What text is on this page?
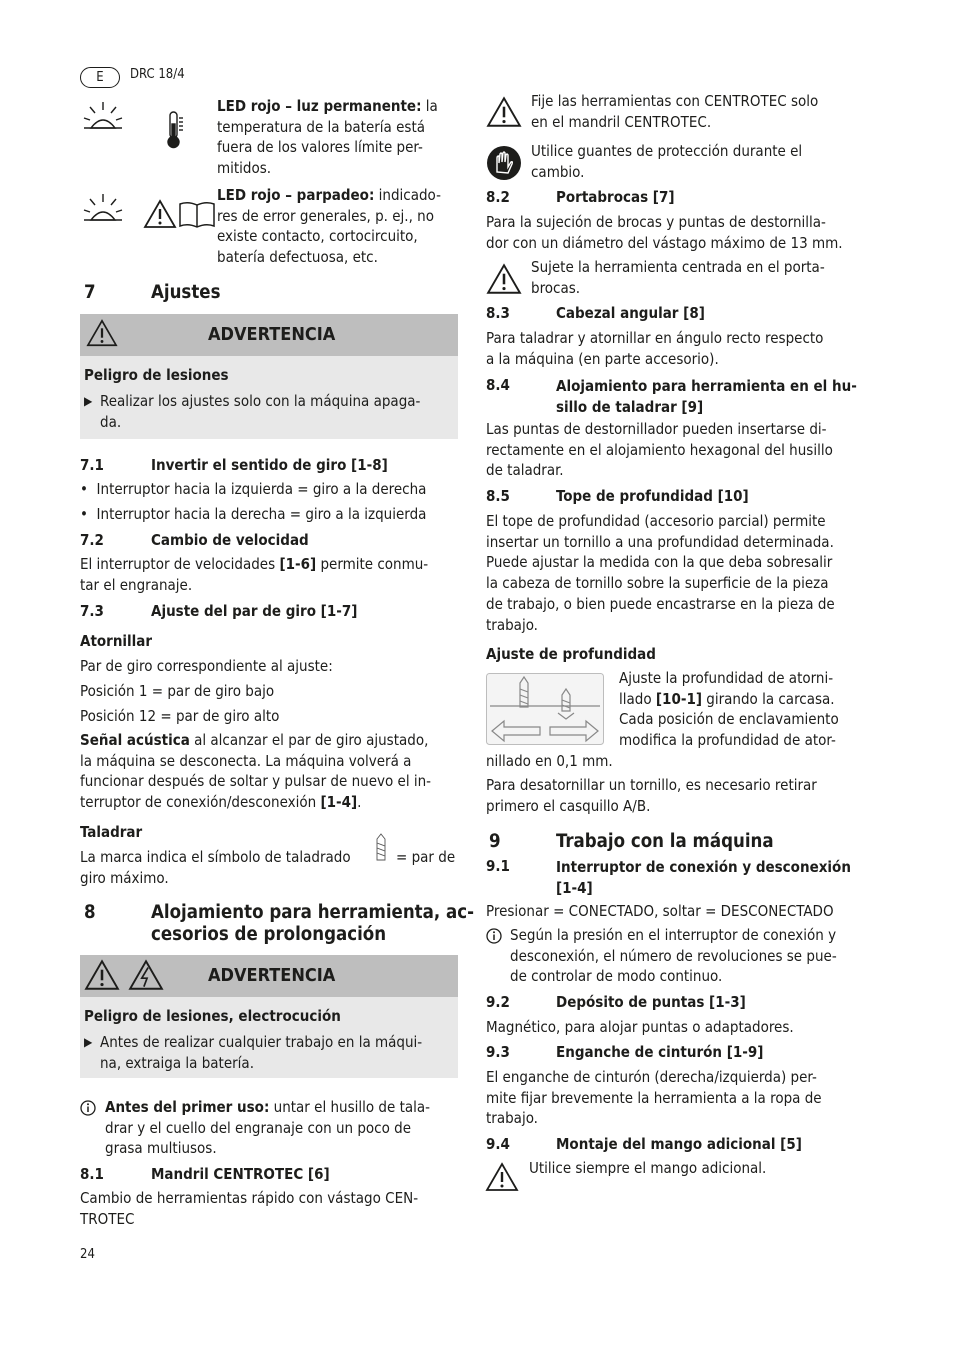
E	DRC 18/4
LED rojo – luz permanente: la
temperatura de la batería está
fuera de los valores límite per-
mitidos.
LED rojo – parpadeo: indicado-
res de error generales, p. ej., no
existe contacto, cortocircuito,
batería defectuosa, etc.
7	Ajustes
ADVERTENCIA
Peligro de lesiones
▶ Realizar los ajustes solo con la máquina apaga-
da.
7.1	Invertir el sentido de giro [1-8]
•  Interruptor hacia la izquierda = giro a la derecha
•  Interruptor hacia la derecha = giro a la izquierda
7.2	Cambio de velocidad
El interruptor de velocidades [1-6] permite conmu-
tar el engranaje.
7.3	Ajuste del par de giro [1-7]
Atornillar
Par de giro correspondiente al ajuste:
Posición 1 = par de giro bajo
Posición 12 = par de giro alto
Señal acústica al alcanzar el par de giro ajustado,
la máquina se desconecta. La máquina volverá a
funcionar después de soltar y pulsar de nuevo el in-
terruptor de conexión/desconexión [1-4].
Taladrar
La marca indica el símbolo de taladrado	= par de
giro máximo.
8	Alojamiento para herramienta, ac-
cesorios de prolongación
ADVERTENCIA
Peligro de lesiones, electrocución
▶ Antes de realizar cualquier trabajo en la máqui-
na, extraiga la batería.
Antes del primer uso: untar el husillo de tala-
drar y el cuello del engranaje con un poco de
grasa multiusos.
8.1	Mandril CENTROTEC [6]
Cambio de herramientas rápido con vástago CEN-
TROTEC
24
Fije las herramientas con CENTROTEC solo
en el mandril CENTROTEC.
Utilice guantes de protección durante el
cambio.
8.2	Portabrocas [7]
Para la sujeción de brocas y puntas de destornilla-
dor con un diámetro del vástago máximo de 13 mm.
Sujete la herramienta centrada en el porta-
brocas.
8.3	Cabezal angular [8]
Para taladrar y atornillar en ángulo recto respecto
a la máquina (en parte accesorio).
8.4	Alojamiento para herramienta en el hu-
sillo de taladrar [9]
Las puntas de destornillador pueden insertarse di-
rectamente en el alojamiento hexagonal del husillo
de taladrar.
8.5	Tope de profundidad [10]
El tope de profundidad (accesorio parcial) permite
insertar un tornillo a una profundidad determinada.
Puede ajustar la medida con la que deba sobresalir
la cabeza de tornillo sobre la superficie de la pieza
de trabajo, o bien puede encastrarse en la pieza de
trabajo.
Ajuste de profundidad
Ajuste la profundidad de atorni-
llado [10-1] girando la carcasa.
Cada posición de enclavamiento
modifica la profundidad de ator-
nillado en 0,1 mm.
Para desatornillar un tornillo, es necesario retirar
primero el casquillo A/B.
9	Trabajo con la máquina
9.1	Interruptor de conexión y desconexión
[1-4]
Presionar = CONECTADO, soltar = DESCONECTADO
Según la presión en el interruptor de conexión y
desconexión, el número de revoluciones se pue-
de controlar de modo continuo.
9.2	Depósito de puntas [1-3]
Magnético, para alojar puntas o adaptadores.
9.3	Enganche de cinturón [1-9]
El enganche de cinturón (derecha/izquierda) per-
mite fijar brevemente la herramienta a la ropa de
trabajo.
9.4	Montaje del mango adicional [5]
Utilice siempre el mango adicional.
